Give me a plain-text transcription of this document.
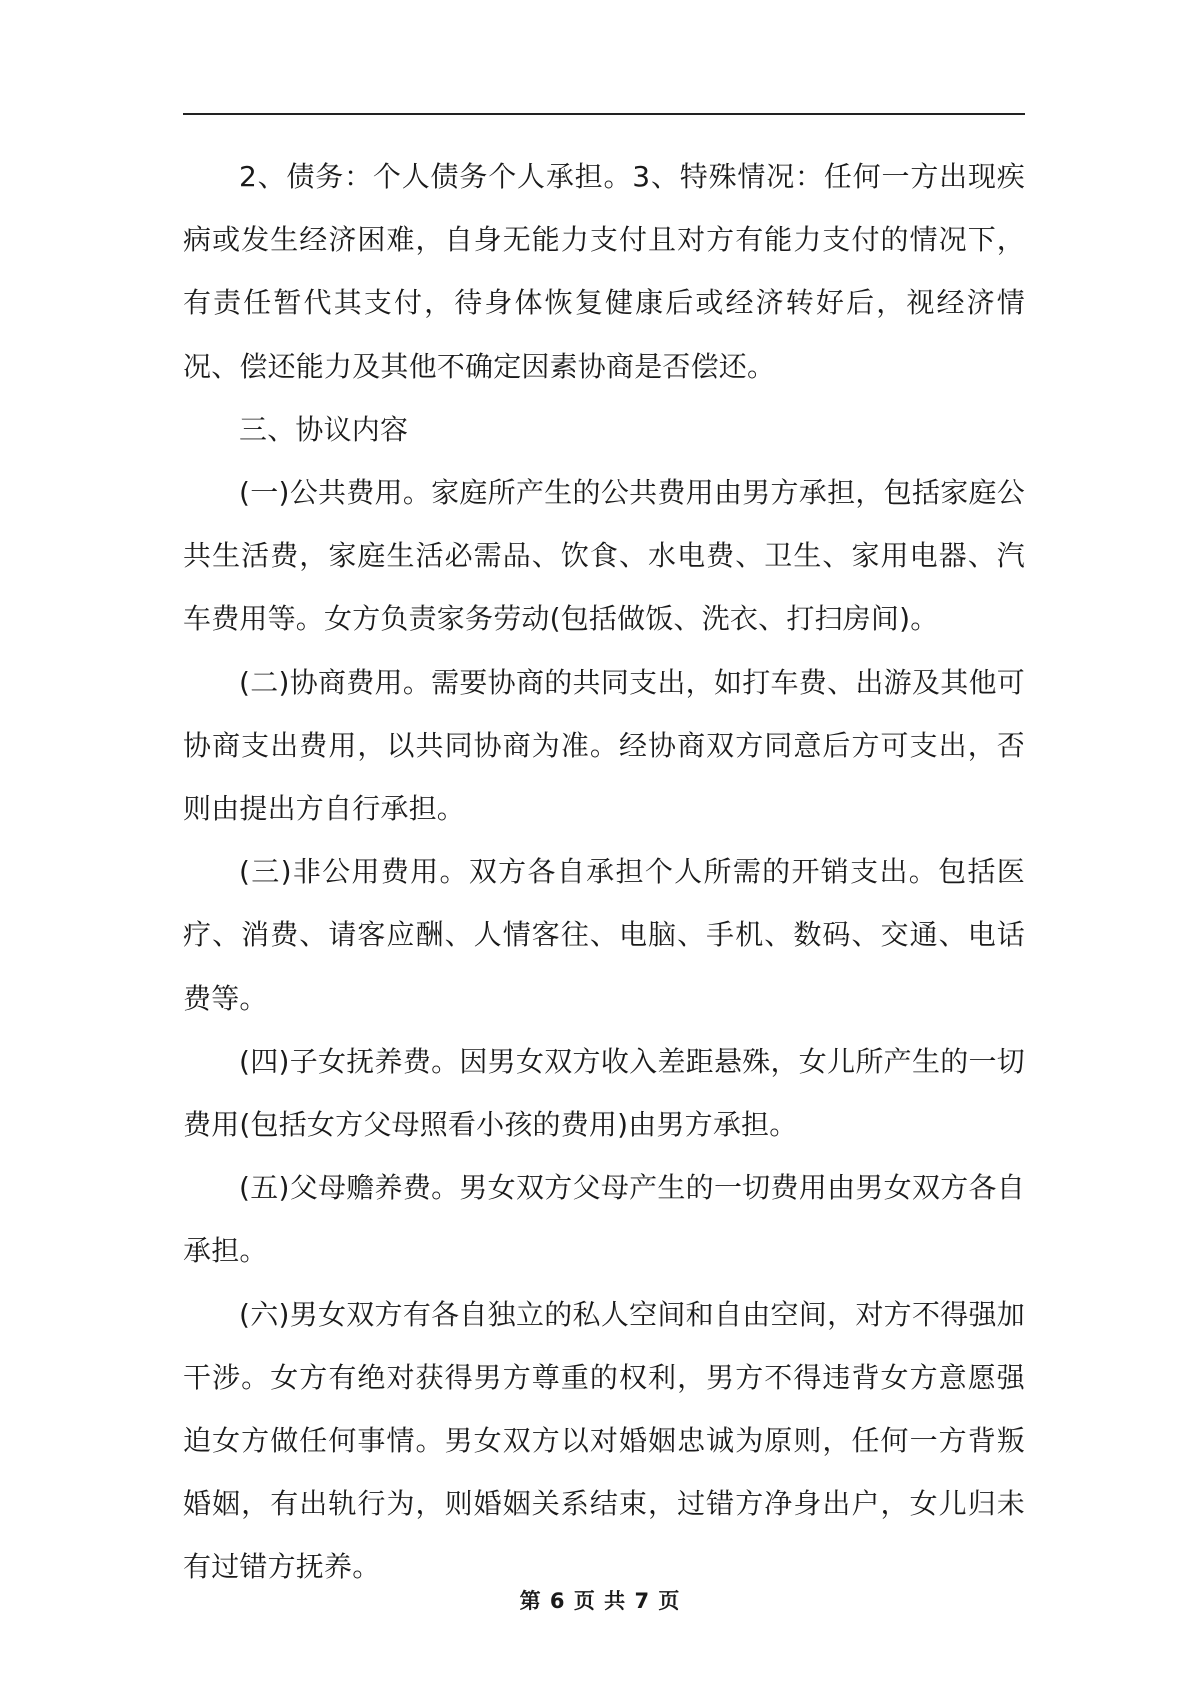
2、债务：个人债务个人承担。3、特殊情况：任何一方出现疾病或发生经济困难，自身无能力支付且对方有能力支付的情况下，有责任暂代其支付，待身体恢复健康后或经济转好后，视经济情况、偿还能力及其他不确定因素协商是否偿还。

三、协议内容

(一)公共费用。家庭所产生的公共费用由男方承担，包括家庭公共生活费，家庭生活必需品、饮食、水电费、卫生、家用电器、汽车费用等。女方负责家务劳动(包括做饭、洗衣、打扫房间)。

(二)协商费用。需要协商的共同支出，如打车费、出游及其他可协商支出费用，以共同协商为准。经协商双方同意后方可支出，否则由提出方自行承担。

(三)非公用费用。双方各自承担个人所需的开销支出。包括医疗、消费、请客应酬、人情客往、电脑、手机、数码、交通、电话费等。

(四)子女抚养费。因男女双方收入差距悬殊，女儿所产生的一切费用(包括女方父母照看小孩的费用)由男方承担。

(五)父母赡养费。男女双方父母产生的一切费用由男女双方各自承担。

(六)男女双方有各自独立的私人空间和自由空间，对方不得强加干涉。女方有绝对获得男方尊重的权利，男方不得违背女方意愿强迫女方做任何事情。男女双方以对婚姻忠诚为原则，任何一方背叛婚姻，有出轨行为，则婚姻关系结束，过错方净身出户，女儿归未有过错方抚养。

第 6 页 共 7 页
